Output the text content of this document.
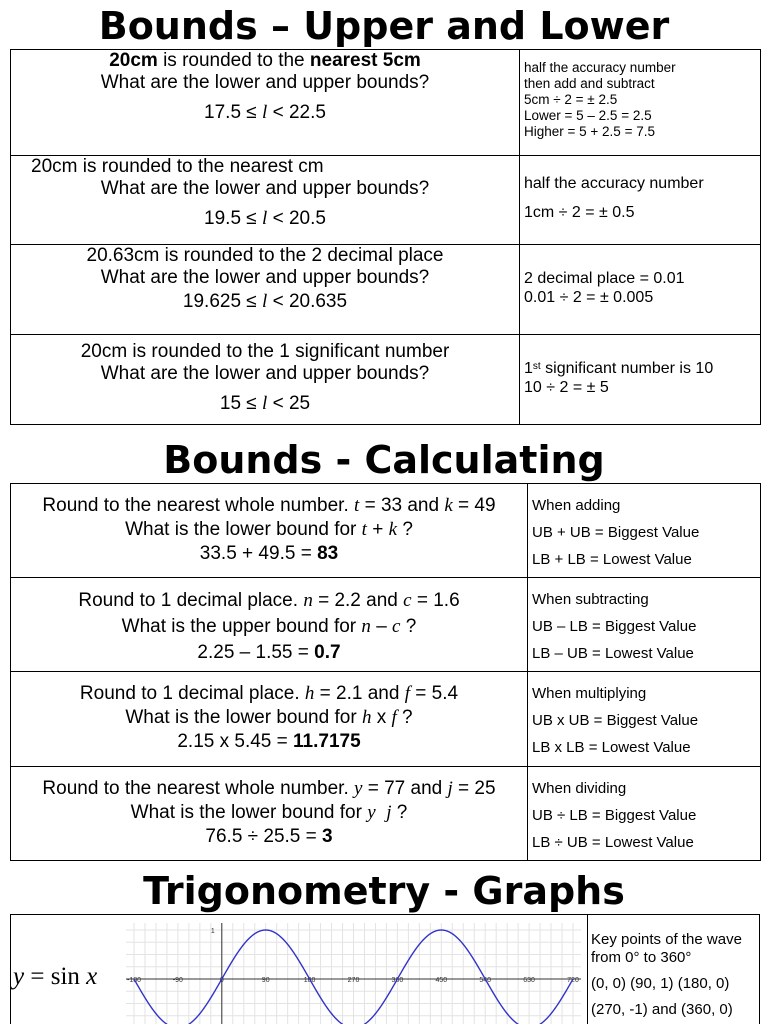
Bounds – Upper and Lower
20cm is rounded to the nearest 5cm
What are the lower and upper bounds?
17.5 ≤ l < 22.5	half the accuracy number
then add and subtract
5cm ÷ 2 = ± 2.5
Lower = 5 – 2.5 = 2.5
Higher = 5 + 2.5 = 7.5

20cm is rounded to the nearest cm
What are the lower and upper bounds?
19.5 ≤ l < 20.5	half the accuracy number
1cm ÷ 2 = ± 0.5

20.63cm is rounded to the 2 decimal place
What are the lower and upper bounds?
19.625 ≤ l < 20.635	2 decimal place = 0.01
0.01 ÷ 2 = ± 0.005

20cm is rounded to the 1 significant number
What are the lower and upper bounds?
15 ≤ l < 25	1st significant number is 10
10 ÷ 2 = ± 5
Bounds - Calculating
Round to the nearest whole number. t = 33 and k = 49
What is the lower bound for t + k ?
33.5 + 49.5 = 83	When adding
UB + UB = Biggest Value
LB + LB = Lowest Value

Round to 1 decimal place. n = 2.2 and c = 1.6
What is the upper bound for n – c ?
2.25 – 1.55 = 0.7	When subtracting
UB – LB = Biggest Value
LB – UB = Lowest Value

Round to 1 decimal place. h = 2.1 and f = 5.4
What is the lower bound for h x f ?
2.15 x 5.45 = 11.7175	When multiplying
UB x UB = Biggest Value
LB x LB = Lowest Value

Round to the nearest whole number. y = 77 and j = 25
What is the lower bound for y j ?
76.5 ÷ 25.5 = 3	When dividing
UB ÷ LB = Biggest Value
LB ÷ UB = Lowest Value
Trigonometry - Graphs
y = sin x
1
-180	-90	0	90	180	270	360	450	540	630	720
Key points of the wave
from 0° to 360°
(0, 0) (90, 1) (180, 0)
(270, -1) and (360, 0)
